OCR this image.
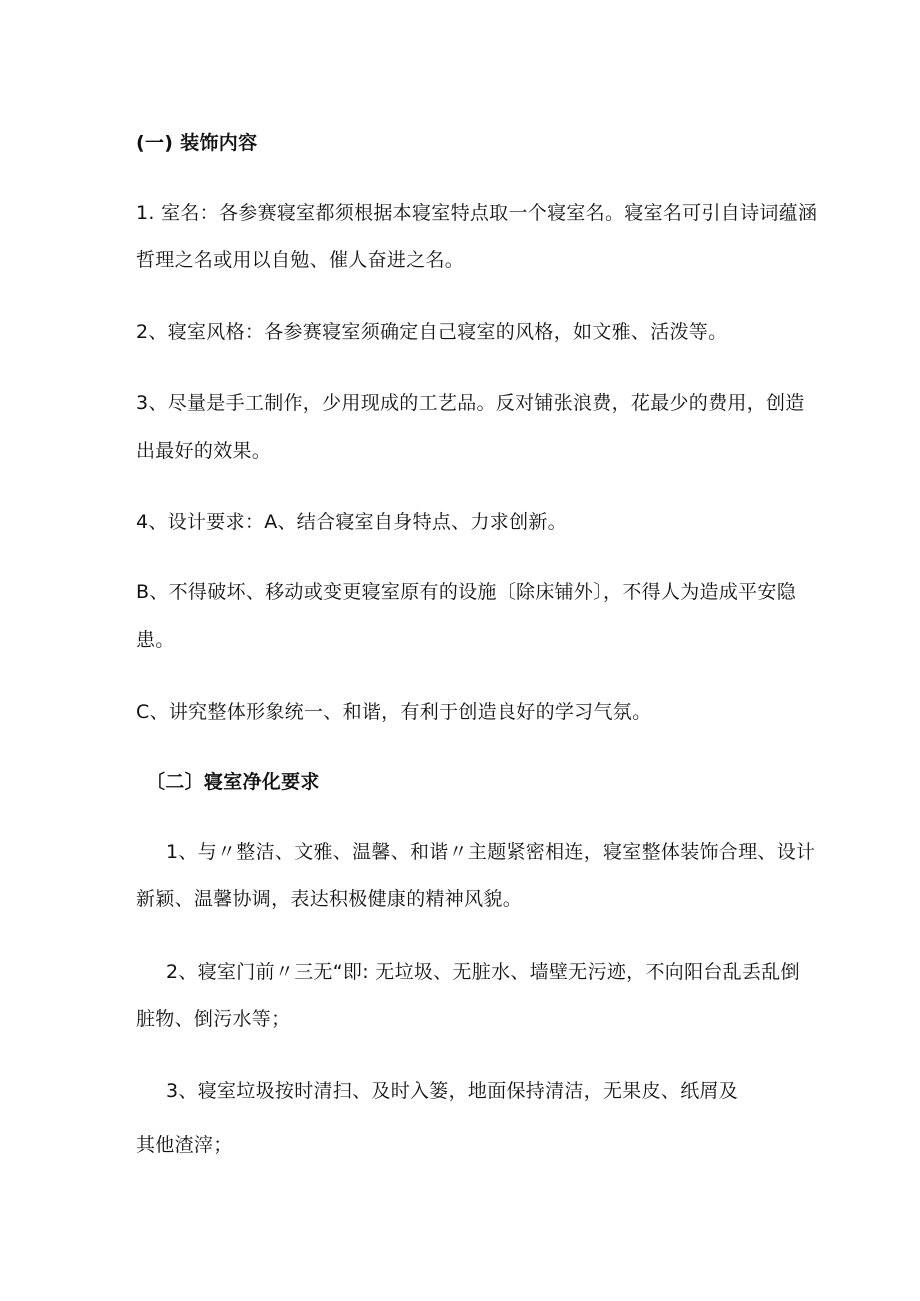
(一) 装饰内容
1. 室名：各参赛寝室都须根据本寝室特点取一个寝室名。寝室名可引自诗词蕴涵
哲理之名或用以自勉、催人奋进之名。
2、寝室风格：各参赛寝室须确定自己寝室的风格，如文雅、活泼等。
3、尽量是手工制作，少用现成的工艺品。反对铺张浪费，花最少的费用，创造
出最好的效果。
4、设计要求：A、结合寝室自身特点、力求创新。
B、不得破坏、移动或变更寝室原有的设施〔除床铺外〕，不得人为造成平安隐
患。
C、讲究整体形象统一、和谐，有利于创造良好的学习气氛。
〔二〕寝室净化要求
1、与〃整洁、文雅、温馨、和谐〃主题紧密相连，寝室整体装饰合理、设计
新颖、温馨协调，表达积极健康的精神风貌。
2、寝室门前〃三无“即: 无垃圾、无脏水、墙壁无污迹，不向阳台乱丢乱倒
脏物、倒污水等；
3、寝室垃圾按时清扫、及时入篓，地面保持清洁，无果皮、纸屑及
其他渣滓；
